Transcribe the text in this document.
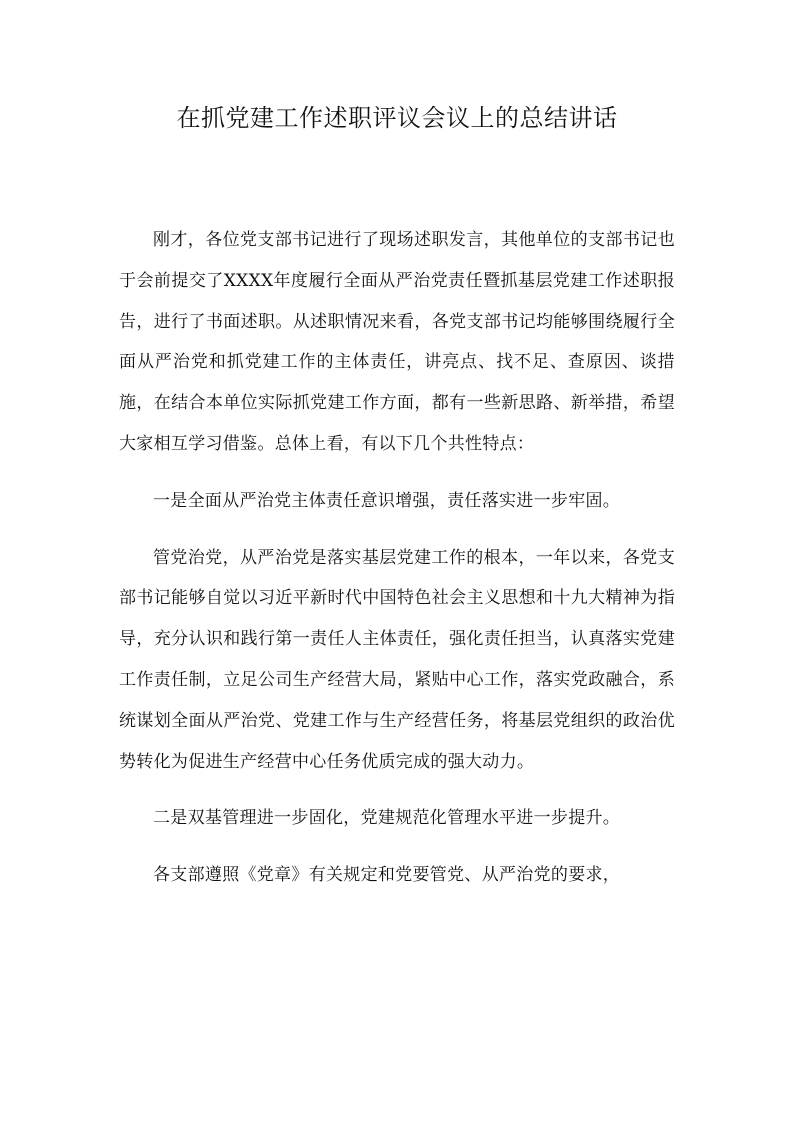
在抓党建工作述职评议会议上的总结讲话

刚才，各位党支部书记进行了现场述职发言，其他单位的支部书记也于会前提交了XXXX年度履行全面从严治党责任暨抓基层党建工作述职报告，进行了书面述职。从述职情况来看，各党支部书记均能够围绕履行全面从严治党和抓党建工作的主体责任，讲亮点、找不足、查原因、谈措施，在结合本单位实际抓党建工作方面，都有一些新思路、新举措，希望大家相互学习借鉴。总体上看，有以下几个共性特点：

一是全面从严治党主体责任意识增强，责任落实进一步牢固。

管党治党，从严治党是落实基层党建工作的根本，一年以来，各党支部书记能够自觉以习近平新时代中国特色社会主义思想和十九大精神为指导，充分认识和践行第一责任人主体责任，强化责任担当，认真落实党建工作责任制，立足公司生产经营大局，紧贴中心工作，落实党政融合，系统谋划全面从严治党、党建工作与生产经营任务，将基层党组织的政治优势转化为促进生产经营中心任务优质完成的强大动力。

二是双基管理进一步固化，党建规范化管理水平进一步提升。

各支部遵照《党章》有关规定和党要管党、从严治党的要求，
